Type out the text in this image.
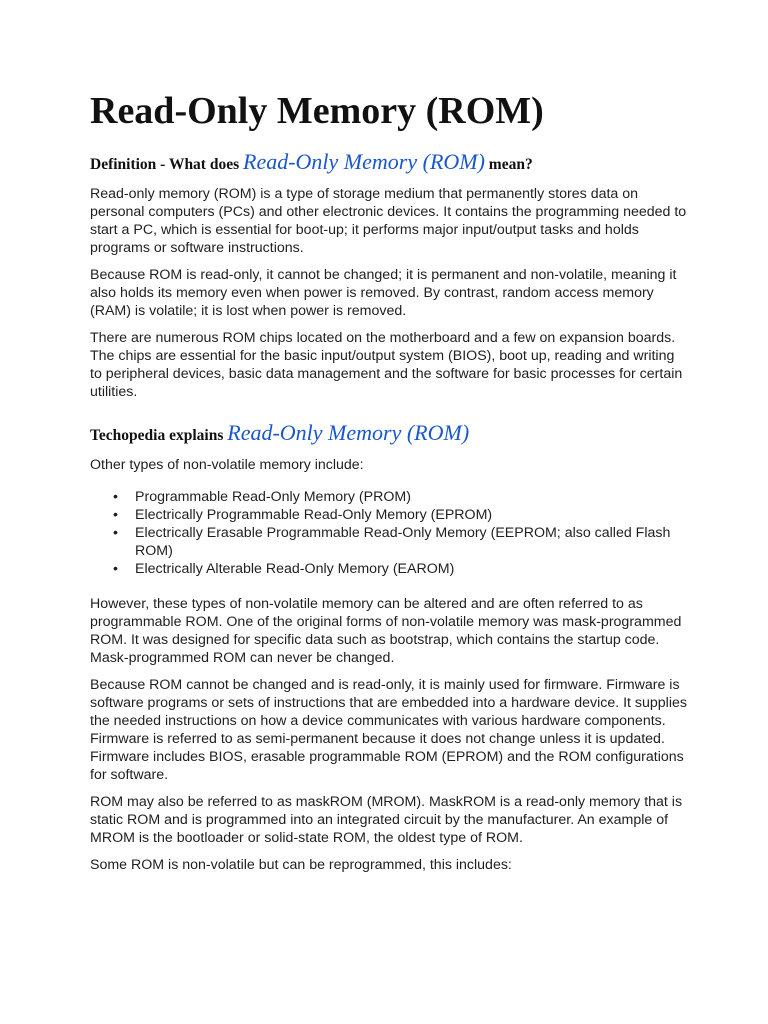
Read-Only Memory (ROM)
Definition - What does Read-Only Memory (ROM) mean?

Read-only memory (ROM) is a type of storage medium that permanently stores data on personal computers (PCs) and other electronic devices. It contains the programming needed to start a PC, which is essential for boot-up; it performs major input/output tasks and holds programs or software instructions.

Because ROM is read-only, it cannot be changed; it is permanent and non-volatile, meaning it also holds its memory even when power is removed. By contrast, random access memory (RAM) is volatile; it is lost when power is removed.

There are numerous ROM chips located on the motherboard and a few on expansion boards. The chips are essential for the basic input/output system (BIOS), boot up, reading and writing to peripheral devices, basic data management and the software for basic processes for certain utilities.

Techopedia explains Read-Only Memory (ROM)

Other types of non-volatile memory include:

• Programmable Read-Only Memory (PROM)
• Electrically Programmable Read-Only Memory (EPROM)
• Electrically Erasable Programmable Read-Only Memory (EEPROM; also called Flash ROM)
• Electrically Alterable Read-Only Memory (EAROM)

However, these types of non-volatile memory can be altered and are often referred to as programmable ROM. One of the original forms of non-volatile memory was mask-programmed ROM. It was designed for specific data such as bootstrap, which contains the startup code. Mask-programmed ROM can never be changed.

Because ROM cannot be changed and is read-only, it is mainly used for firmware. Firmware is software programs or sets of instructions that are embedded into a hardware device. It supplies the needed instructions on how a device communicates with various hardware components. Firmware is referred to as semi-permanent because it does not change unless it is updated. Firmware includes BIOS, erasable programmable ROM (EPROM) and the ROM configurations for software.

ROM may also be referred to as maskROM (MROM). MaskROM is a read-only memory that is static ROM and is programmed into an integrated circuit by the manufacturer. An example of MROM is the bootloader or solid-state ROM, the oldest type of ROM.

Some ROM is non-volatile but can be reprogrammed, this includes:
